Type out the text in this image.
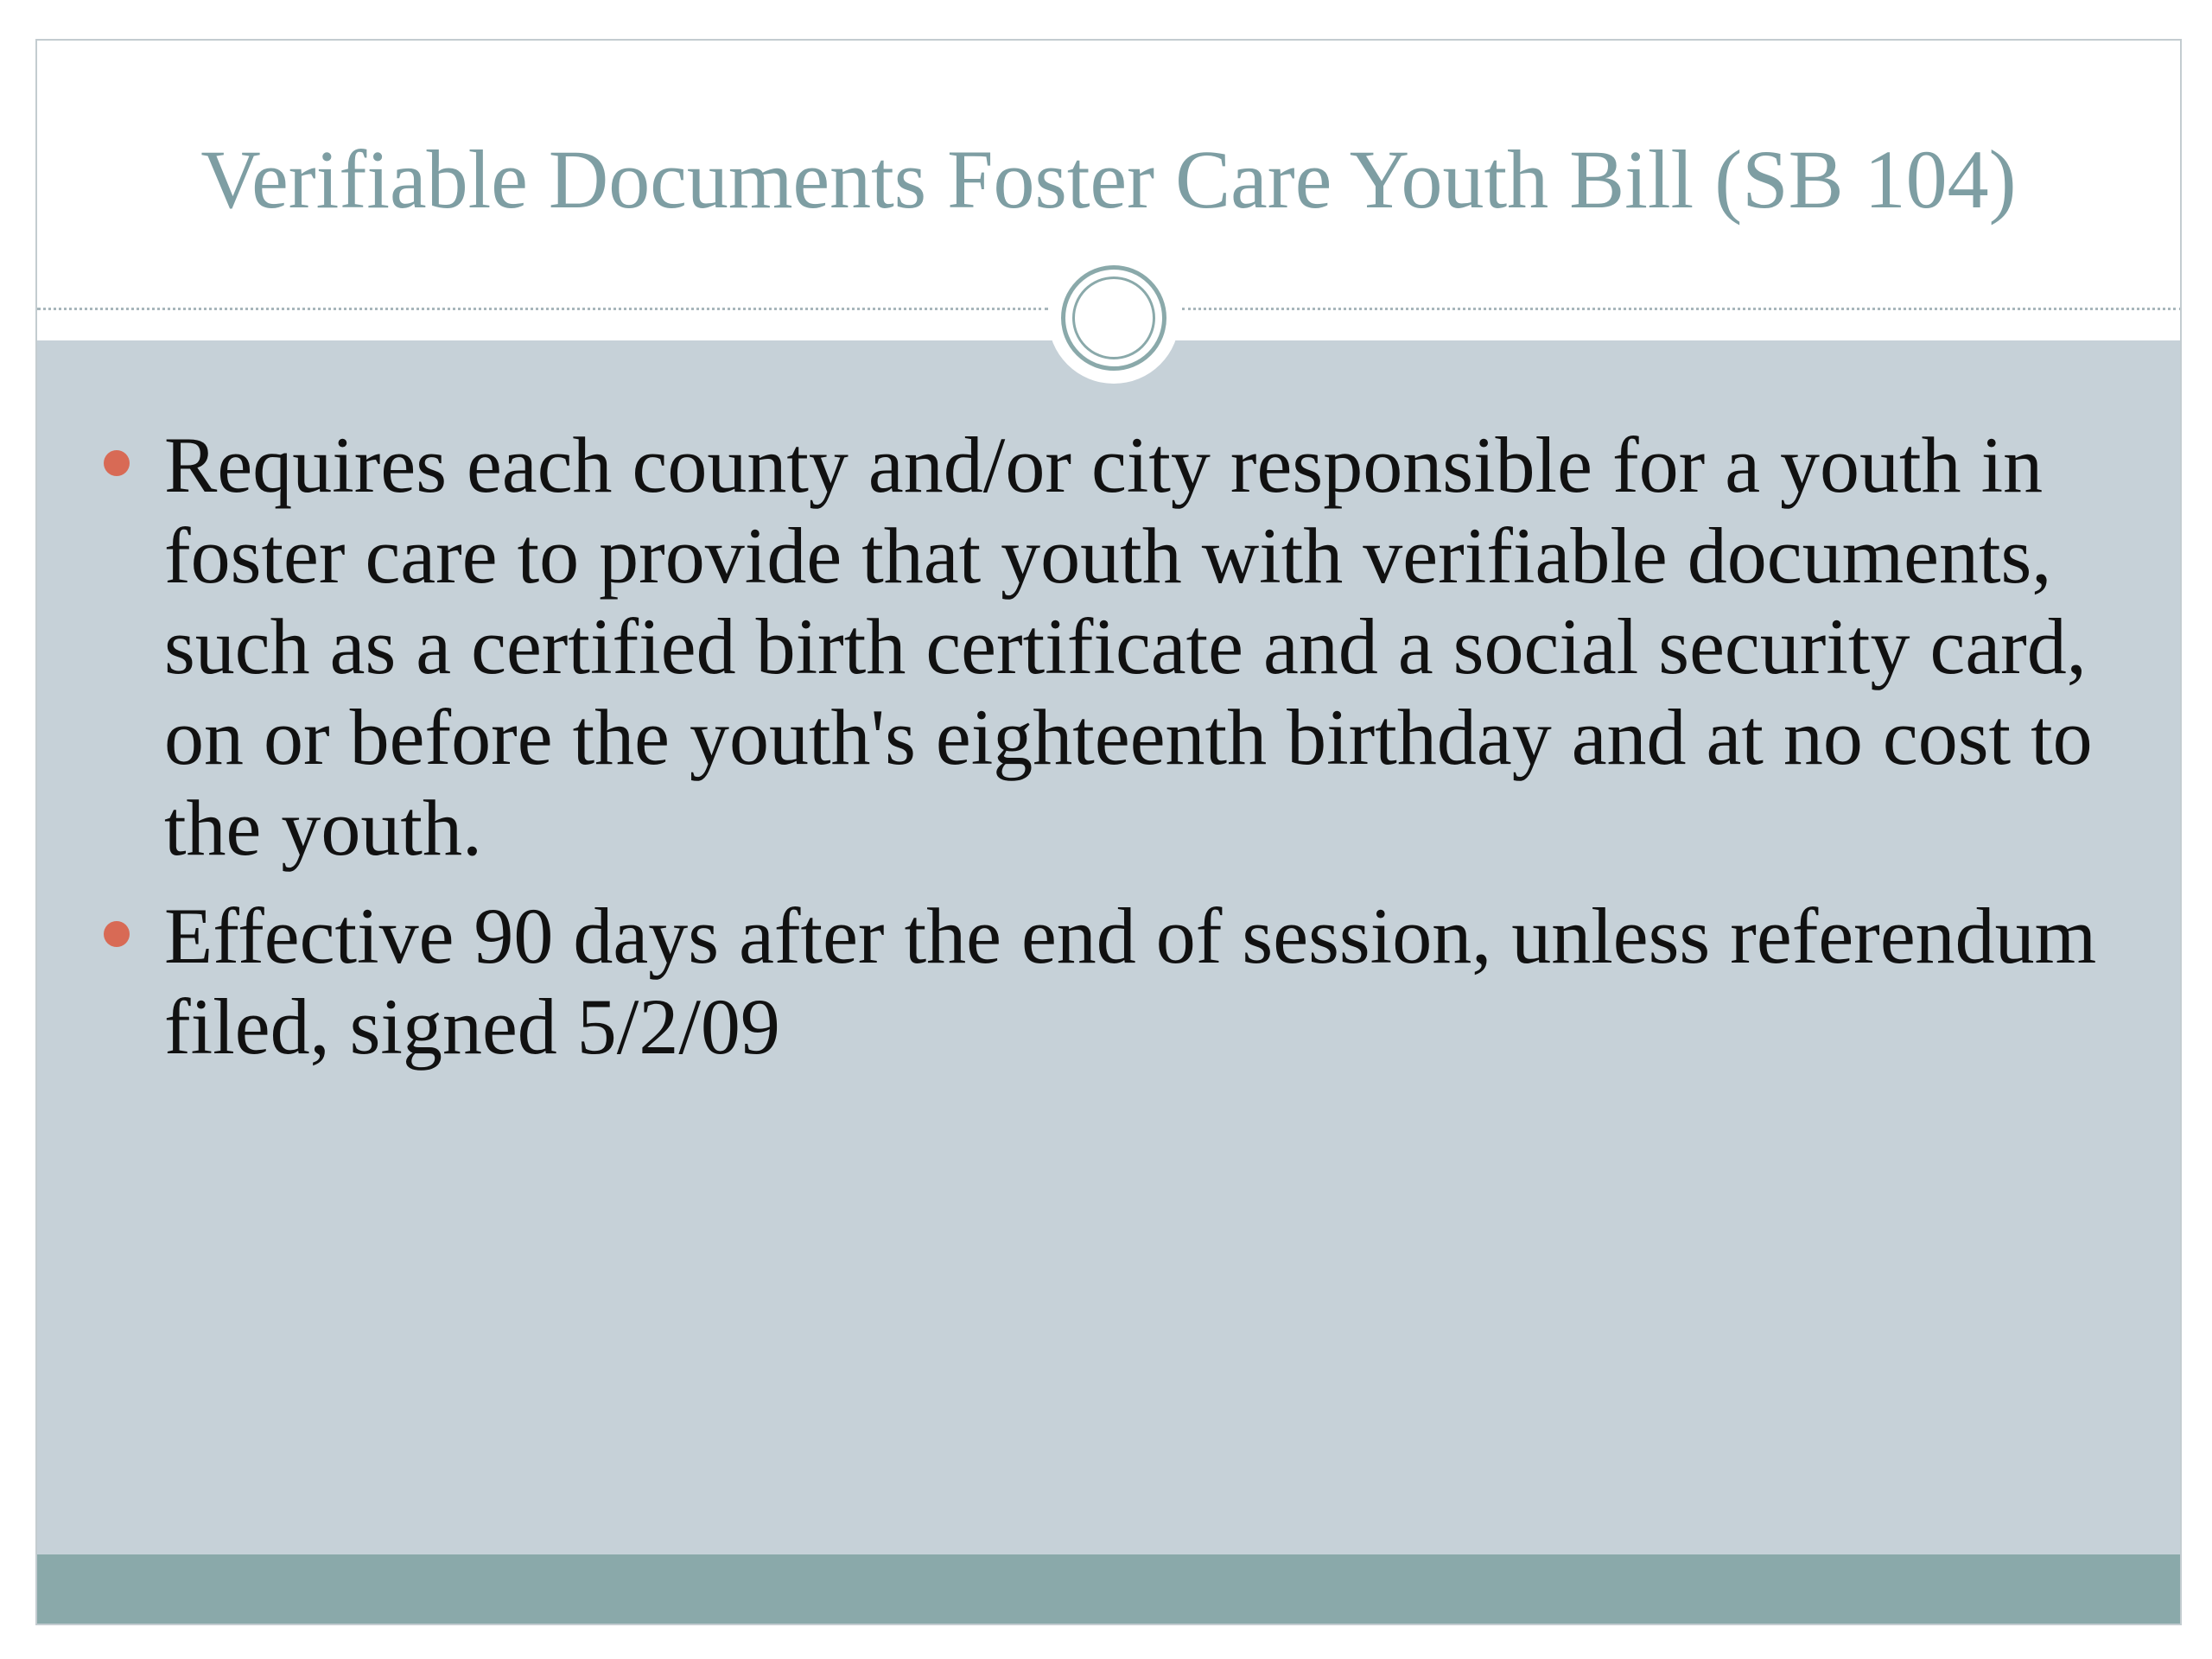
Verifiable Documents Foster Care Youth Bill (SB 104)
Requires each county and/or city responsible for a youth in foster care to provide that youth with verifiable documents, such as a certified birth certificate and a social security card, on or before the youth's eighteenth birthday and at no cost to the youth.
Effective 90 days after the end of session, unless referendum filed, signed 5/2/09
